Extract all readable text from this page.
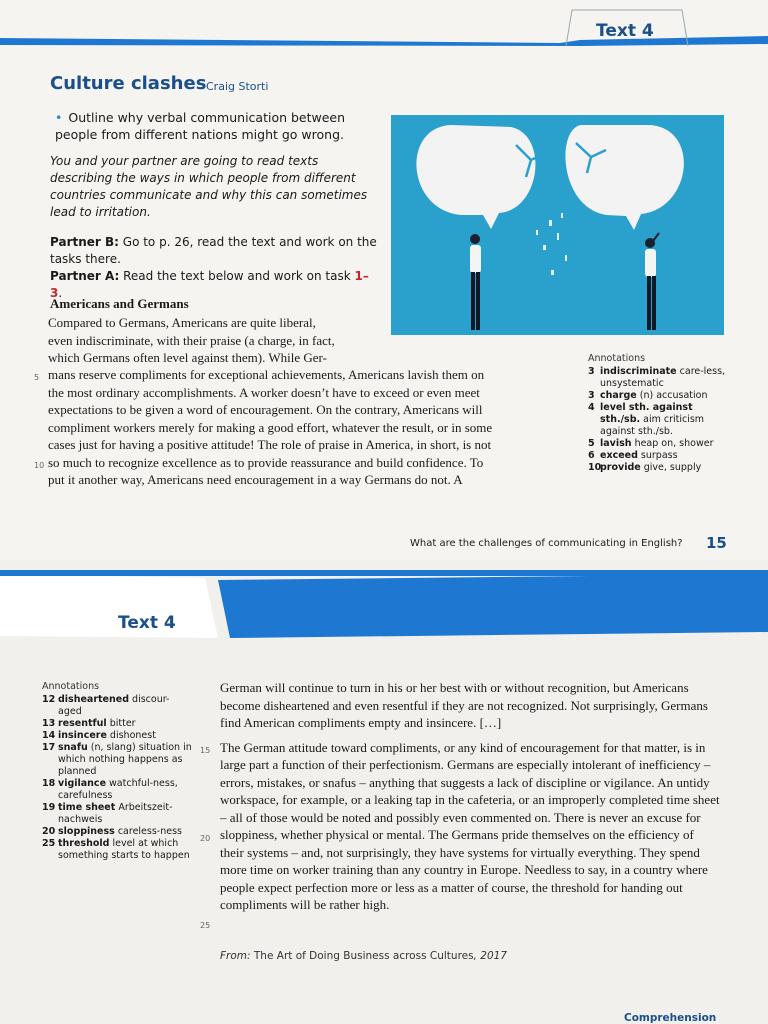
Text 4
Culture clashes Craig Storti
• Outline why verbal communication between people from different nations might go wrong.
You and your partner are going to read texts describing the ways in which people from different countries communicate and why this can sometimes lead to irritation.
Partner B: Go to p. 26, read the text and work on the tasks there.
Partner A: Read the text below and work on task 1–3.
Americans and Germans
Compared to Germans, Americans are quite liberal,
even indiscriminate, with their praise (a charge, in fact,
which Germans often level against them). While Ger-
5 mans reserve compliments for exceptional achievements, Americans lavish them on
the most ordinary accomplishments. A worker doesn’t have to exceed or even meet
expectations to be given a word of encouragement. On the contrary, Americans will
compliment workers merely for making a good effort, whatever the result, or in some
cases just for having a positive attitude! The role of praise in America, in short, is not
10 so much to recognize excellence as to provide reassurance and build confidence. To
put it another way, Americans need encouragement in a way Germans do not. A
Annotations
3 indiscriminate care-less, unsystematic
3 charge (n) accusation
4 level sth. against sth./sb. aim criticism against sth./sb.
5 lavish heap on, shower
6 exceed surpass
10
provide give, supply
What are the challenges of communicating in English? 15
Text 4
Annotations
12 disheartened discour-aged
13 resentful bitter
14 insincere dishonest
17 snafu (n, slang) situation in which nothing happens as planned
18 vigilance watchful-ness, carefulness
19 time sheet Arbeitszeit-nachweis
20 sloppiness careless-ness
25 threshold level at which something starts to happen

German will continue to turn in his or her best with or without recognition, but Americans become disheartened and even resentful if they are not recognized. Not surprisingly, Germans find American compliments empty and insincere. […]

15
20
25

The German attitude toward compliments, or any kind of encouragement for that matter, is in large part a function of their perfectionism. Germans are especially intolerant of inefficiency – errors, mistakes, or snafus – anything that suggests a lack of discipline or vigilance. An untidy workspace, for example, or a leaking tap in the cafeteria, or an improperly completed time sheet – all of those would be noted and possibly even commented on. There is never an excuse for sloppiness, whether physical or mental. The Germans pride themselves on the efficiency of their systems – and, not surprisingly, they have systems for virtually everything. They spend more time on worker training than any country in Europe. Needless to say, in a country where people expect perfection more or less as a matter of course, the threshold for handing out compliments will be rather high.

From: The Art of Doing Business across Cultures, 2017
Comprehension
